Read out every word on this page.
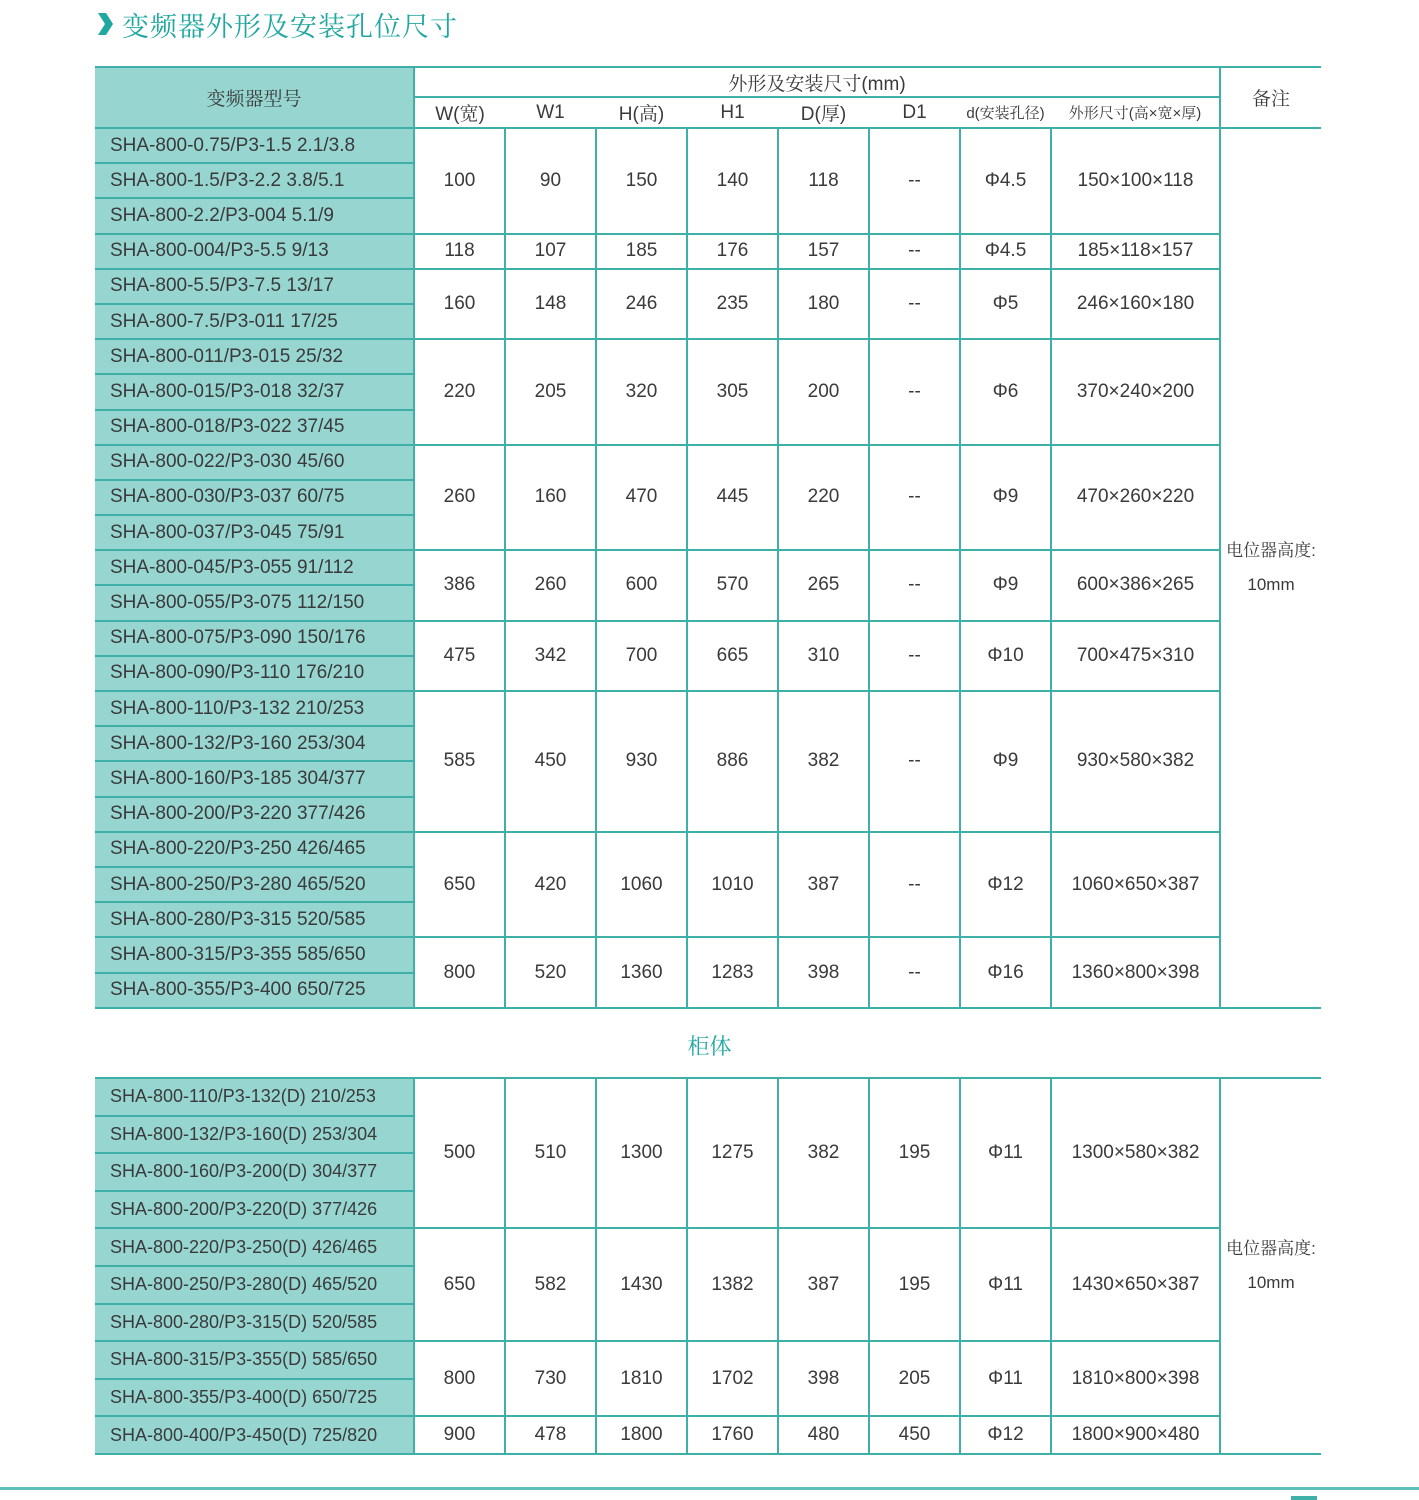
变频器外形及安装孔位尺寸
变频器型号	外形及安装尺寸(mm)								备注
	W(宽)	W1	H(高)	H1	D(厚)	D1	d(安装孔径)	外形尺寸(高×宽×厚)	
SHA-800-0.75/P3-1.5 2.1/3.8	100	90	150	140	118	--	Φ4.5	150×100×118	电位器高度:
10mm

SHA-800-1.5/P3-2.2 3.8/5.1									
SHA-800-2.2/P3-004 5.1/9									
SHA-800-004/P3-5.5 9/13	118	107	185	176	157	--	Φ4.5	185×118×157	
SHA-800-5.5/P3-7.5 13/17	160	148	246	235	180	--	Φ5	246×160×180	
SHA-800-7.5/P3-011 17/25									
SHA-800-011/P3-015 25/32	220	205	320	305	200	--	Φ6	370×240×200	
SHA-800-015/P3-018 32/37									
SHA-800-018/P3-022 37/45									
SHA-800-022/P3-030 45/60	260	160	470	445	220	--	Φ9	470×260×220	
SHA-800-030/P3-037 60/75									
SHA-800-037/P3-045 75/91									
SHA-800-045/P3-055 91/112	386	260	600	570	265	--	Φ9	600×386×265	
SHA-800-055/P3-075 112/150									
SHA-800-075/P3-090 150/176	475	342	700	665	310	--	Φ10	700×475×310	
SHA-800-090/P3-110 176/210									
SHA-800-110/P3-132 210/253	585	450	930	886	382	--	Φ9	930×580×382	
SHA-800-132/P3-160 253/304									
SHA-800-160/P3-185 304/377									
SHA-800-200/P3-220 377/426									
SHA-800-220/P3-250 426/465	650	420	1060	1010	387	--	Φ12	1060×650×387	
SHA-800-250/P3-280 465/520									
SHA-800-280/P3-315 520/585									
SHA-800-315/P3-355 585/650	800	520	1360	1283	398	--	Φ16	1360×800×398	
SHA-800-355/P3-400 650/725									
柜体
SHA-800-110/P3-132(D) 210/253	500	510	1300	1275	382	195	Φ11	1300×580×382	电位器高度:
10mm

SHA-800-132/P3-160(D) 253/304									
SHA-800-160/P3-200(D) 304/377									
SHA-800-200/P3-220(D) 377/426									
SHA-800-220/P3-250(D) 426/465	650	582	1430	1382	387	195	Φ11	1430×650×387	
SHA-800-250/P3-280(D) 465/520									
SHA-800-280/P3-315(D) 520/585									
SHA-800-315/P3-355(D) 585/650	800	730	1810	1702	398	205	Φ11	1810×800×398	
SHA-800-355/P3-400(D) 650/725									
SHA-800-400/P3-450(D) 725/820	900	478	1800	1760	480	450	Φ12	1800×900×480	
